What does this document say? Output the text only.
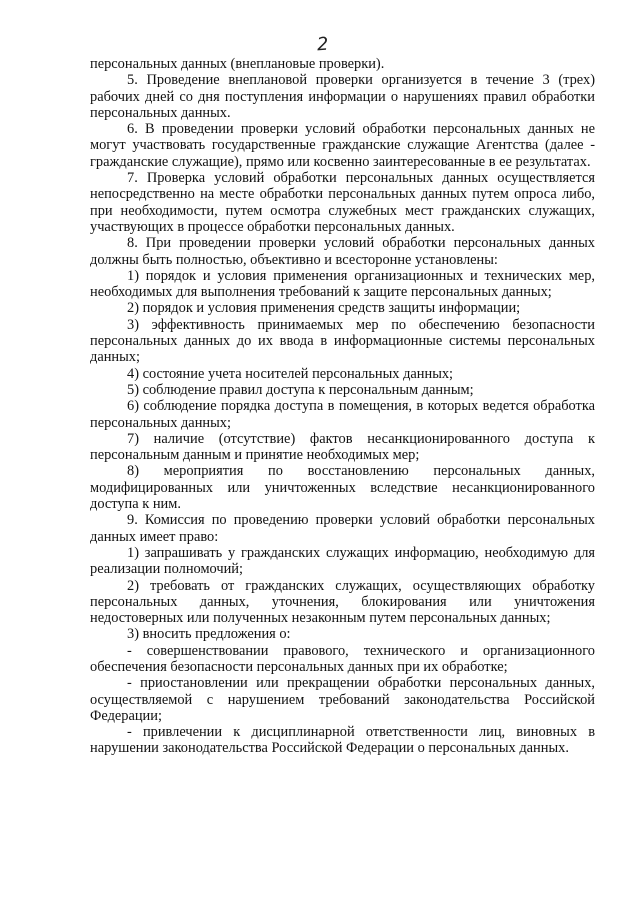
2

персональных данных (внеплановые проверки).

5. Проведение внеплановой проверки организуется в течение 3 (трех) рабочих дней со дня поступления информации о нарушениях правил обработки персональных данных.

6. В проведении проверки условий обработки персональных данных не могут участвовать государственные гражданские служащие Агентства (далее - гражданские служащие), прямо или косвенно заинтересованные в ее результатах.

7. Проверка условий обработки персональных данных осуществляется непосредственно на месте обработки персональных данных путем опроса либо, при необходимости, путем осмотра служебных мест гражданских служащих, участвующих в процессе обработки персональных данных.

8. При проведении проверки условий обработки персональных данных должны быть полностью, объективно и всесторонне установлены:

1) порядок и условия применения организационных и технических мер, необходимых для выполнения требований к защите персональных данных;

2) порядок и условия применения средств защиты информации;

3) эффективность принимаемых мер по обеспечению безопасности персональных данных до их ввода в информационные системы персональных данных;

4) состояние учета носителей персональных данных;

5) соблюдение правил доступа к персональным данным;

6) соблюдение порядка доступа в помещения, в которых ведется обработка персональных данных;

7) наличие (отсутствие) фактов несанкционированного доступа к персональным данным и принятие необходимых мер;

8) мероприятия по восстановлению персональных данных, модифицированных или уничтоженных вследствие несанкционированного доступа к ним.

9. Комиссия по проведению проверки условий обработки персональных данных имеет право:

1) запрашивать у гражданских служащих информацию, необходимую для реализации полномочий;

2) требовать от гражданских служащих, осуществляющих обработку персональных данных, уточнения, блокирования или уничтожения недостоверных или полученных незаконным путем персональных данных;

3) вносить предложения о:

- совершенствовании правового, технического и организационного обеспечения безопасности персональных данных при их обработке;

- приостановлении или прекращении обработки персональных данных, осуществляемой с нарушением требований законодательства Российской Федерации;

- привлечении к дисциплинарной ответственности лиц, виновных в нарушении законодательства Российской Федерации о персональных данных.
